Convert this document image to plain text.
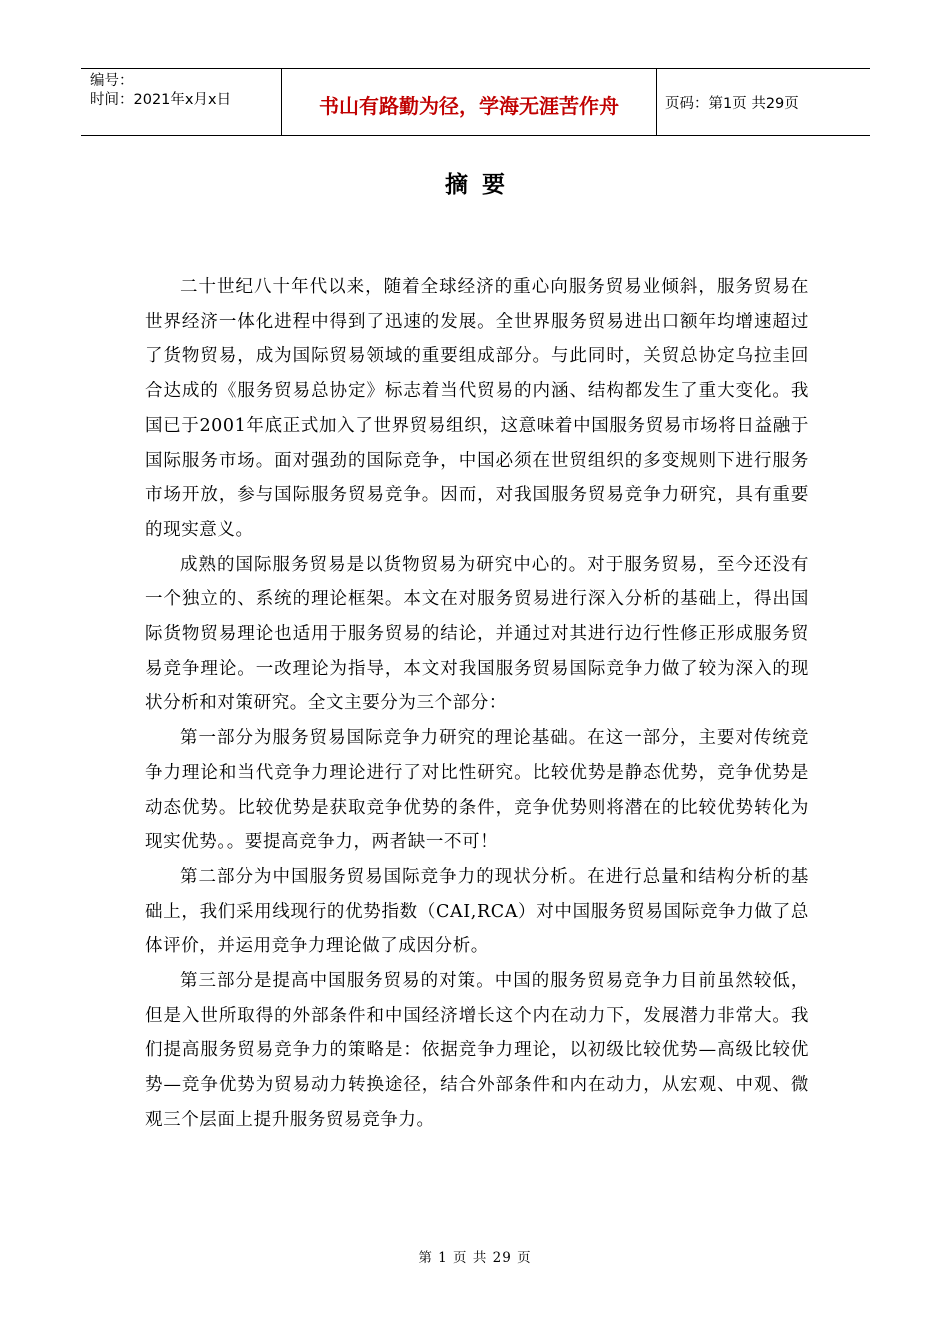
编号：
时间：2021年x月x日	书山有路勤为径，学海无涯苦作舟	页码：第1页 共29页
摘要

二十世纪八十年代以来，随着全球经济的重心向服务贸易业倾斜，服务贸易在世界经济一体化进程中得到了迅速的发展。全世界服务贸易进出口额年均增速超过了货物贸易，成为国际贸易领域的重要组成部分。与此同时，关贸总协定乌拉圭回合达成的《服务贸易总协定》标志着当代贸易的内涵、结构都发生了重大变化。我国已于2001年底正式加入了世界贸易组织，这意味着中国服务贸易市场将日益融于国际服务市场。面对强劲的国际竞争，中国必须在世贸组织的多变规则下进行服务市场开放，参与国际服务贸易竞争。因而，对我国服务贸易竞争力研究，具有重要的现实意义。

成熟的国际服务贸易是以货物贸易为研究中心的。对于服务贸易，至今还没有一个独立的、系统的理论框架。本文在对服务贸易进行深入分析的基础上，得出国际货物贸易理论也适用于服务贸易的结论，并通过对其进行边行性修正形成服务贸易竞争理论。一改理论为指导，本文对我国服务贸易国际竞争力做了较为深入的现状分析和对策研究。全文主要分为三个部分：

第一部分为服务贸易国际竞争力研究的理论基础。在这一部分，主要对传统竞争力理论和当代竞争力理论进行了对比性研究。比较优势是静态优势，竞争优势是动态优势。比较优势是获取竞争优势的条件，竞争优势则将潜在的比较优势转化为现实优势。。要提高竞争力，两者缺一不可！

第二部分为中国服务贸易国际竞争力的现状分析。在进行总量和结构分析的基础上，我们采用线现行的优势指数（CAI,RCA）对中国服务贸易国际竞争力做了总体评价，并运用竞争力理论做了成因分析。

第三部分是提高中国服务贸易的对策。中国的服务贸易竞争力目前虽然较低，但是入世所取得的外部条件和中国经济增长这个内在动力下，发展潜力非常大。我们提高服务贸易竞争力的策略是：依据竞争力理论，以初级比较优势—高级比较优势—竞争优势为贸易动力转换途径，结合外部条件和内在动力，从宏观、中观、微观三个层面上提升服务贸易竞争力。

第 1 页 共 29 页
